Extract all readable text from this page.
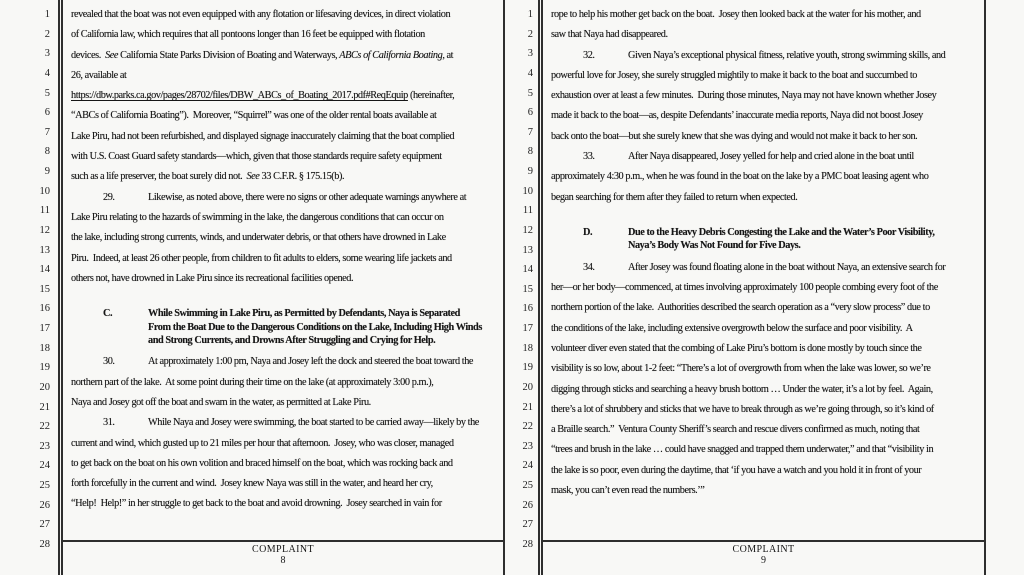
1
2
3
4
5
6
7
8
9
10
11
12
13
14
15
16
17
18
19
20
21
22
23
24
25
26
27
28
revealed that the boat was not even equipped with any flotation or lifesaving devices, in direct violation
of California law, which requires that all pontoons longer than 16 feet be equipped with flotation
devices.  See California State Parks Division of Boating and Waterways, ABCs of California Boating, at
26, available at
https://dbw.parks.ca.gov/pages/28702/files/DBW_ABCs_of_Boating_2017.pdf#ReqEquip (hereinafter,
“ABCs of California Boating”).  Moreover, “Squirrel” was one of the older rental boats available at
Lake Piru, had not been refurbished, and displayed signage inaccurately claiming that the boat complied
with U.S. Coast Guard safety standards—which, given that those standards require safety equipment
such as a life preserver, the boat surely did not.  See 33 C.F.R. § 175.15(b).
29.	Likewise, as noted above, there were no signs or other adequate warnings anywhere at
Lake Piru relating to the hazards of swimming in the lake, the dangerous conditions that can occur on
the lake, including strong currents, winds, and underwater debris, or that others have drowned in Lake
Piru.  Indeed, at least 26 other people, from children to fit adults to elders, some wearing life jackets and
others not, have drowned in Lake Piru since its recreational facilities opened.
C.	While Swimming in Lake Piru, as Permitted by Defendants, Naya is Separated
From the Boat Due to the Dangerous Conditions on the Lake, Including High Winds
and Strong Currents, and Drowns After Struggling and Crying for Help.
30.	At approximately 1:00 pm, Naya and Josey left the dock and steered the boat toward the
northern part of the lake.  At some point during their time on the lake (at approximately 3:00 p.m.),
Naya and Josey got off the boat and swam in the water, as permitted at Lake Piru.
31.	While Naya and Josey were swimming, the boat started to be carried away—likely by the
current and wind, which gusted up to 21 miles per hour that afternoon.  Josey, who was closer, managed
to get back on the boat on his own volition and braced himself on the boat, which was rocking back and
forth forcefully in the current and wind.  Josey knew Naya was still in the water, and heard her cry,
“Help!  Help!” in her struggle to get back to the boat and avoid drowning.  Josey searched in vain for
COMPLAINT
8
1
2
3
4
5
6
7
8
9
10
11
12
13
14
15
16
17
18
19
20
21
22
23
24
25
26
27
28
rope to help his mother get back on the boat.  Josey then looked back at the water for his mother, and
saw that Naya had disappeared.
32.	Given Naya’s exceptional physical fitness, relative youth, strong swimming skills, and
powerful love for Josey, she surely struggled mightily to make it back to the boat and succumbed to
exhaustion over at least a few minutes.  During those minutes, Naya may not have known whether Josey
made it back to the boat—as, despite Defendants’ inaccurate media reports, Naya did not boost Josey
back onto the boat—but she surely knew that she was dying and would not make it back to her son.
33.	After Naya disappeared, Josey yelled for help and cried alone in the boat until
approximately 4:30 p.m., when he was found in the boat on the lake by a PMC boat leasing agent who
began searching for them after they failed to return when expected.
D.	Due to the Heavy Debris Congesting the Lake and the Water’s Poor Visibility,
Naya’s Body Was Not Found for Five Days.
34.	After Josey was found floating alone in the boat without Naya, an extensive search for
her—or her body—commenced, at times involving approximately 100 people combing every foot of the
northern portion of the lake.  Authorities described the search operation as a “very slow process” due to
the conditions of the lake, including extensive overgrowth below the surface and poor visibility.  A
volunteer diver even stated that the combing of Lake Piru’s bottom is done mostly by touch since the
visibility is so low, about 1-2 feet: “There’s a lot of overgrowth from when the lake was lower, so we’re
digging through sticks and searching a heavy brush bottom … Under the water, it’s a lot by feel.  Again,
there’s a lot of shrubbery and sticks that we have to break through as we’re going through, so it’s kind of
a Braille search.”  Ventura County Sheriff’s search and rescue divers confirmed as much, noting that
“trees and brush in the lake … could have snagged and trapped them underwater,” and that “visibility in
the lake is so poor, even during the daytime, that ‘if you have a watch and you hold it in front of your
mask, you can’t even read the numbers.’”
COMPLAINT
9
